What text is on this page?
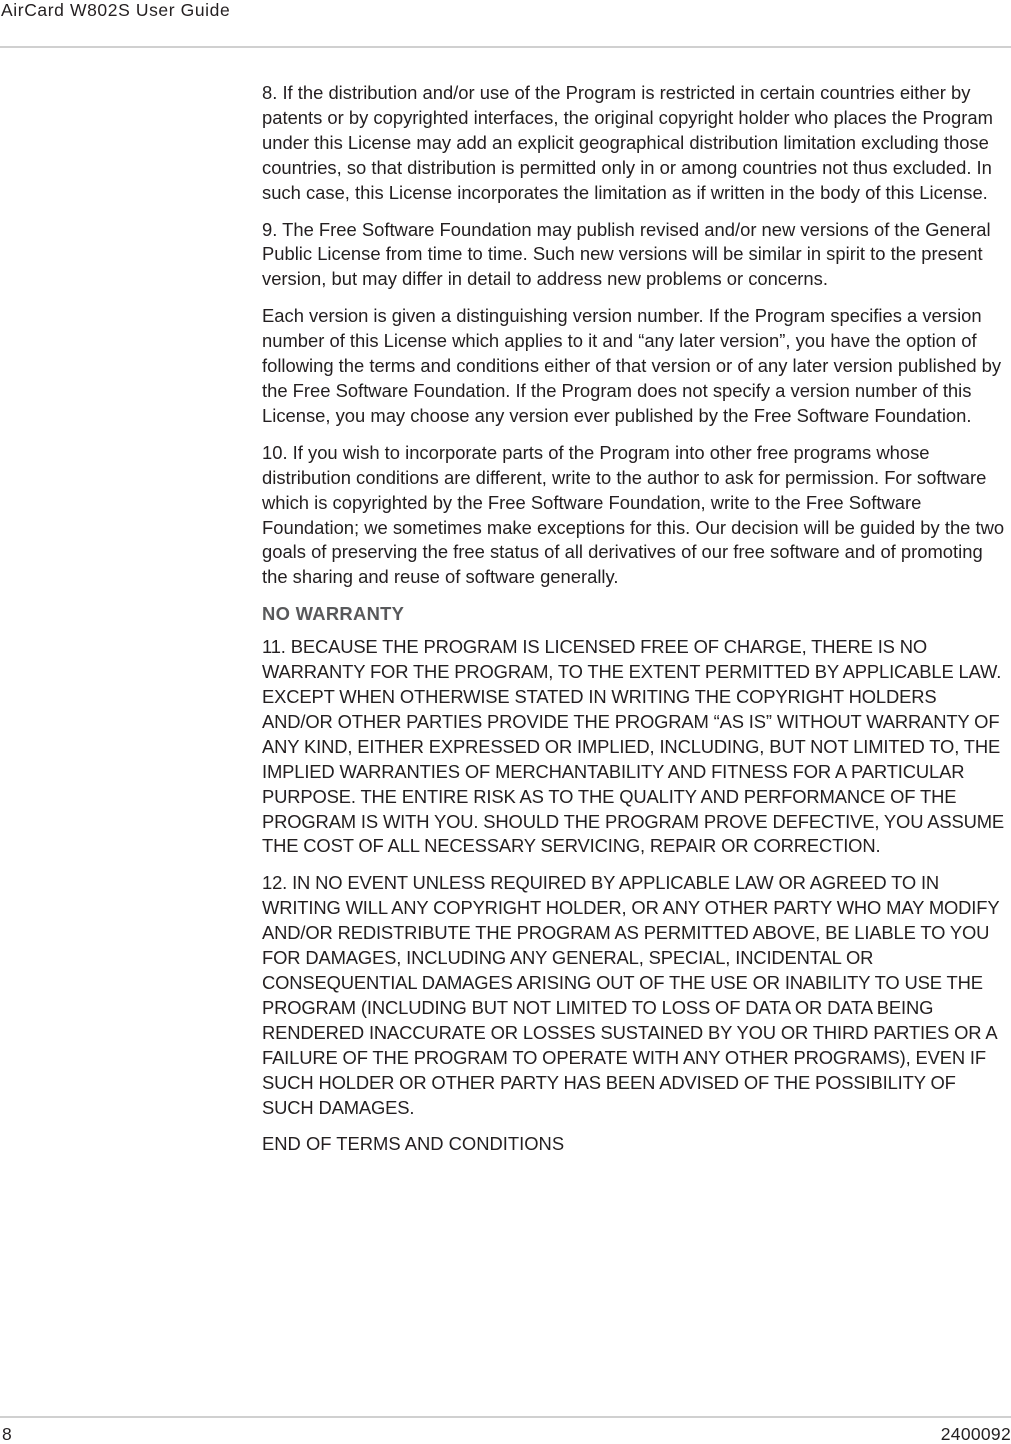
AirCard W802S User Guide

8. If the distribution and/or use of the Program is restricted in certain countries either by patents or by copyrighted interfaces, the original copyright holder who places the Program under this License may add an explicit geographical distribution limitation excluding those countries, so that distribution is permitted only in or among countries not thus excluded. In such case, this License incorporates the limitation as if written in the body of this License.

9. The Free Software Foundation may publish revised and/or new versions of the General Public License from time to time. Such new versions will be similar in spirit to the present version, but may differ in detail to address new problems or concerns.

Each version is given a distinguishing version number. If the Program specifies a version number of this License which applies to it and “any later version”, you have the option of following the terms and conditions either of that version or of any later version published by the Free Software Foundation. If the Program does not specify a version number of this License, you may choose any version ever published by the Free Software Foundation.

10. If you wish to incorporate parts of the Program into other free programs whose distribution conditions are different, write to the author to ask for permission. For software which is copyrighted by the Free Software Foundation, write to the Free Software Foundation; we sometimes make exceptions for this. Our decision will be guided by the two goals of preserving the free status of all derivatives of our free software and of promoting the sharing and reuse of software generally.

NO WARRANTY

11. BECAUSE THE PROGRAM IS LICENSED FREE OF CHARGE, THERE IS NO WARRANTY FOR THE PROGRAM, TO THE EXTENT PERMITTED BY APPLICABLE LAW. EXCEPT WHEN OTHERWISE STATED IN WRITING THE COPYRIGHT HOLDERS AND/OR OTHER PARTIES PROVIDE THE PROGRAM “AS IS” WITHOUT WARRANTY OF ANY KIND, EITHER EXPRESSED OR IMPLIED, INCLUDING, BUT NOT LIMITED TO, THE IMPLIED WARRANTIES OF MERCHANTABILITY AND FITNESS FOR A PARTICULAR PURPOSE. THE ENTIRE RISK AS TO THE QUALITY AND PERFORMANCE OF THE PROGRAM IS WITH YOU. SHOULD THE PROGRAM PROVE DEFECTIVE, YOU ASSUME THE COST OF ALL NECESSARY SERVICING, REPAIR OR CORRECTION.

12. IN NO EVENT UNLESS REQUIRED BY APPLICABLE LAW OR AGREED TO IN WRITING WILL ANY COPYRIGHT HOLDER, OR ANY OTHER PARTY WHO MAY MODIFY AND/OR REDISTRIBUTE THE PROGRAM AS PERMITTED ABOVE, BE LIABLE TO YOU FOR DAMAGES, INCLUDING ANY GENERAL, SPECIAL, INCIDENTAL OR CONSEQUENTIAL DAMAGES ARISING OUT OF THE USE OR INABILITY TO USE THE PROGRAM (INCLUDING BUT NOT LIMITED TO LOSS OF DATA OR DATA BEING RENDERED INACCURATE OR LOSSES SUSTAINED BY YOU OR THIRD PARTIES OR A FAILURE OF THE PROGRAM TO OPERATE WITH ANY OTHER PROGRAMS), EVEN IF SUCH HOLDER OR OTHER PARTY HAS BEEN ADVISED OF THE POSSIBILITY OF SUCH DAMAGES.

END OF TERMS AND CONDITIONS

8	2400092
